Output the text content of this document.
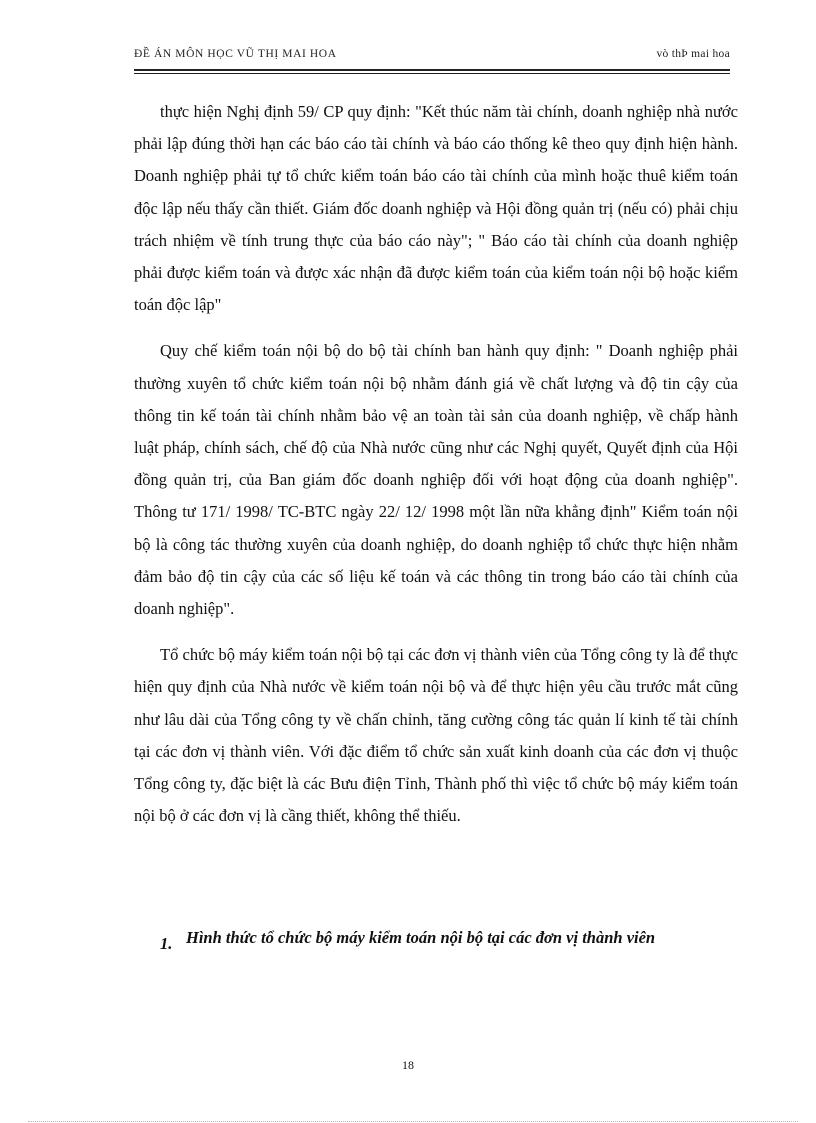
ĐỀ ÁN MÔN HỌC VŨ THỊ MAI HOA	vò thÞ mai hoa

thực hiện Nghị định 59/ CP quy định: "Kết thúc năm tài chính, doanh nghiệp nhà nước phải lập đúng thời hạn các báo cáo tài chính và báo cáo thống kê theo quy định hiện hành. Doanh nghiệp phải tự tổ chức kiểm toán báo cáo tài chính của mình hoặc thuê kiểm toán độc lập nếu thấy cần thiết. Giám đốc doanh nghiệp và Hội đồng quản trị (nếu có) phải chịu trách nhiệm về tính trung thực của báo cáo này"; " Báo cáo tài chính của doanh nghiệp phải được kiểm toán và được xác nhận đã được kiểm toán của kiểm toán nội bộ hoặc kiểm toán độc lập"

Quy chế kiểm toán nội bộ do bộ tài chính ban hành quy định: " Doanh nghiệp phải thường xuyên tổ chức kiểm toán nội bộ nhằm đánh giá về chất lượng và độ tin cậy của thông tin kế toán tài chính nhằm bảo vệ an toàn tài sản của doanh nghiệp, về chấp hành luật pháp, chính sách, chế độ của Nhà nước cũng như các Nghị quyết, Quyết định của Hội đồng quản trị, của Ban giám đốc doanh nghiệp đối với hoạt động của doanh nghiệp". Thông tư 171/ 1998/ TC-BTC ngày 22/ 12/ 1998 một lần nữa khẳng định" Kiểm toán nội bộ là công tác thường xuyên của doanh nghiệp, do doanh nghiệp tổ chức thực hiện nhằm đảm bảo độ tin cậy của các số liệu kế toán và các thông tin trong báo cáo tài chính của doanh nghiệp".

Tổ chức bộ máy kiểm toán nội bộ tại các đơn vị thành viên của Tổng công ty là để thực hiện quy định của Nhà nước về kiểm toán nội bộ và để thực hiện yêu cầu trước mắt cũng như lâu dài của Tổng công ty về chấn chỉnh, tăng cường công tác quản lí kinh tế tài chính tại các đơn vị thành viên. Với đặc điểm tổ chức sản xuất kinh doanh của các đơn vị thuộc Tổng công ty, đặc biệt là các Bưu điện Tỉnh, Thành phố thì việc tổ chức bộ máy kiểm toán nội bộ ở các đơn vị là cầng thiết, không thể thiếu.

1. Hình thức tổ chức bộ máy kiểm toán nội bộ tại các đơn vị thành viên
18
